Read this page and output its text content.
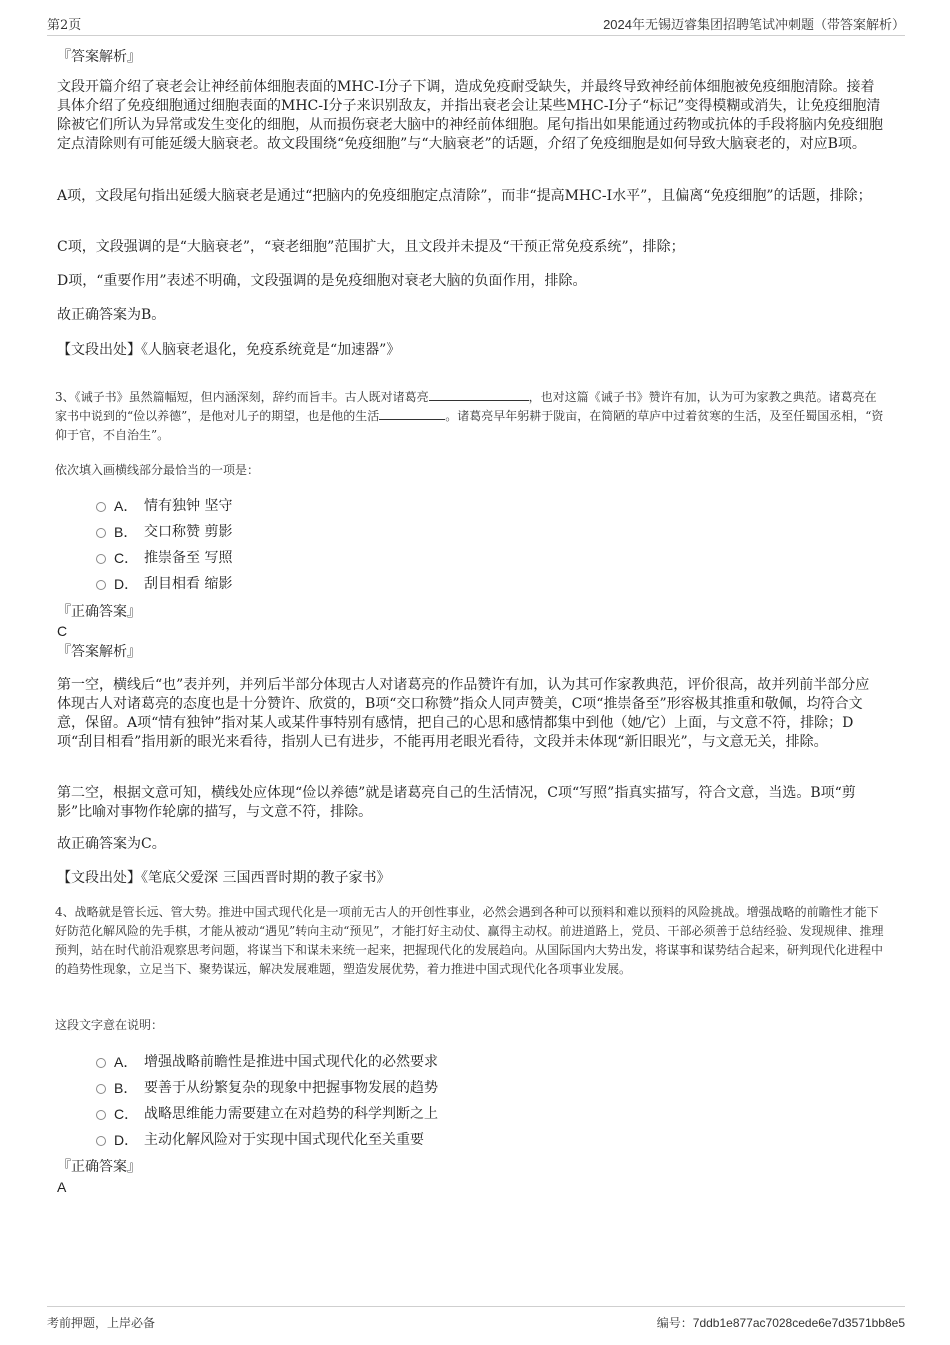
第2页	2024年无锡迈睿集团招聘笔试冲刺题（带答案解析）
『答案解析』

文段开篇介绍了衰老会让神经前体细胞表面的MHC-I分子下调，造成免疫耐受缺失，并最终导致神经前体细胞被免疫细胞清除。接着具体介绍了免疫细胞通过细胞表面的MHC-I分子来识别敌友，并指出衰老会让某些MHC-I分子“标记”变得模糊或消失，让免疫细胞清除被它们所认为异常或发生变化的细胞，从而损伤衰老大脑中的神经前体细胞。尾句指出如果能通过药物或抗体的手段将脑内免疫细胞定点清除则有可能延缓大脑衰老。故文段围绕“免疫细胞”与“大脑衰老”的话题，介绍了免疫细胞是如何导致大脑衰老的，对应B项。

A项，文段尾句指出延缓大脑衰老是通过“把脑内的免疫细胞定点清除”，而非“提高MHC-I水平”，且偏离“免疫细胞”的话题，排除；

C项，文段强调的是“大脑衰老”，“衰老细胞”范围扩大，且文段并未提及“干预正常免疫系统”，排除；

D项，“重要作用”表述不明确，文段强调的是免疫细胞对衰老大脑的负面作用，排除。

故正确答案为B。

【文段出处】《人脑衰老退化，免疫系统竟是“加速器”》

3、《诫子书》虽然篇幅短，但内涵深刻，辞约而旨丰。古人既对诸葛亮	，也对这篇《诫子书》赞许有加，认为可为家教之典范。诸葛亮在家书中说到的“俭以养德”，是他对儿子的期望，也是他的生活	。诸葛亮早年躬耕于陇亩，在简陋的草庐中过着贫寒的生活，及至任蜀国丞相，“资仰于官，不自治生”。

依次填入画横线部分最恰当的一项是：

A． 情有独钟 坚守
B． 交口称赞 剪影
C． 推崇备至 写照
D． 刮目相看 缩影
『正确答案』
C
『答案解析』

第一空，横线后“也”表并列，并列后半部分体现古人对诸葛亮的作品赞许有加，认为其可作家教典范，评价很高，故并列前半部分应体现古人对诸葛亮的态度也是十分赞许、欣赏的，B项“交口称赞”指众人同声赞美，C项“推崇备至”形容极其推重和敬佩，均符合文意，保留。A项“情有独钟”指对某人或某件事特别有感情，把自己的心思和感情都集中到他（她/它）上面，与文意不符，排除；D项“刮目相看”指用新的眼光来看待，指别人已有进步，不能再用老眼光看待，文段并未体现“新旧眼光”，与文意无关，排除。

第二空，根据文意可知，横线处应体现“俭以养德”就是诸葛亮自己的生活情况，C项“写照”指真实描写，符合文意，当选。B项“剪影”比喻对事物作轮廓的描写，与文意不符，排除。

故正确答案为C。

【文段出处】《笔底父爱深 三国西晋时期的教子家书》

4、战略就是管长远、管大势。推进中国式现代化是一项前无古人的开创性事业，必然会遇到各种可以预料和难以预料的风险挑战。增强战略的前瞻性才能下好防范化解风险的先手棋，才能从被动“遇见”转向主动“预见”，才能打好主动仗、赢得主动权。前进道路上，党员、干部必须善于总结经验、发现规律、推理预判，站在时代前沿观察思考问题，将谋当下和谋未来统一起来，把握现代化的发展趋向。从国际国内大势出发，将谋事和谋势结合起来，研判现代化进程中的趋势性现象，立足当下、聚势谋远，解决发展难题，塑造发展优势，着力推进中国式现代化各项事业发展。

这段文字意在说明：

A． 增强战略前瞻性是推进中国式现代化的必然要求
B． 要善于从纷繁复杂的现象中把握事物发展的趋势
C． 战略思维能力需要建立在对趋势的科学判断之上
D． 主动化解风险对于实现中国式现代化至关重要
『正确答案』
A
考前押题，上岸必备	编号：7ddb1e877ac7028cede6e7d3571bb8e5
